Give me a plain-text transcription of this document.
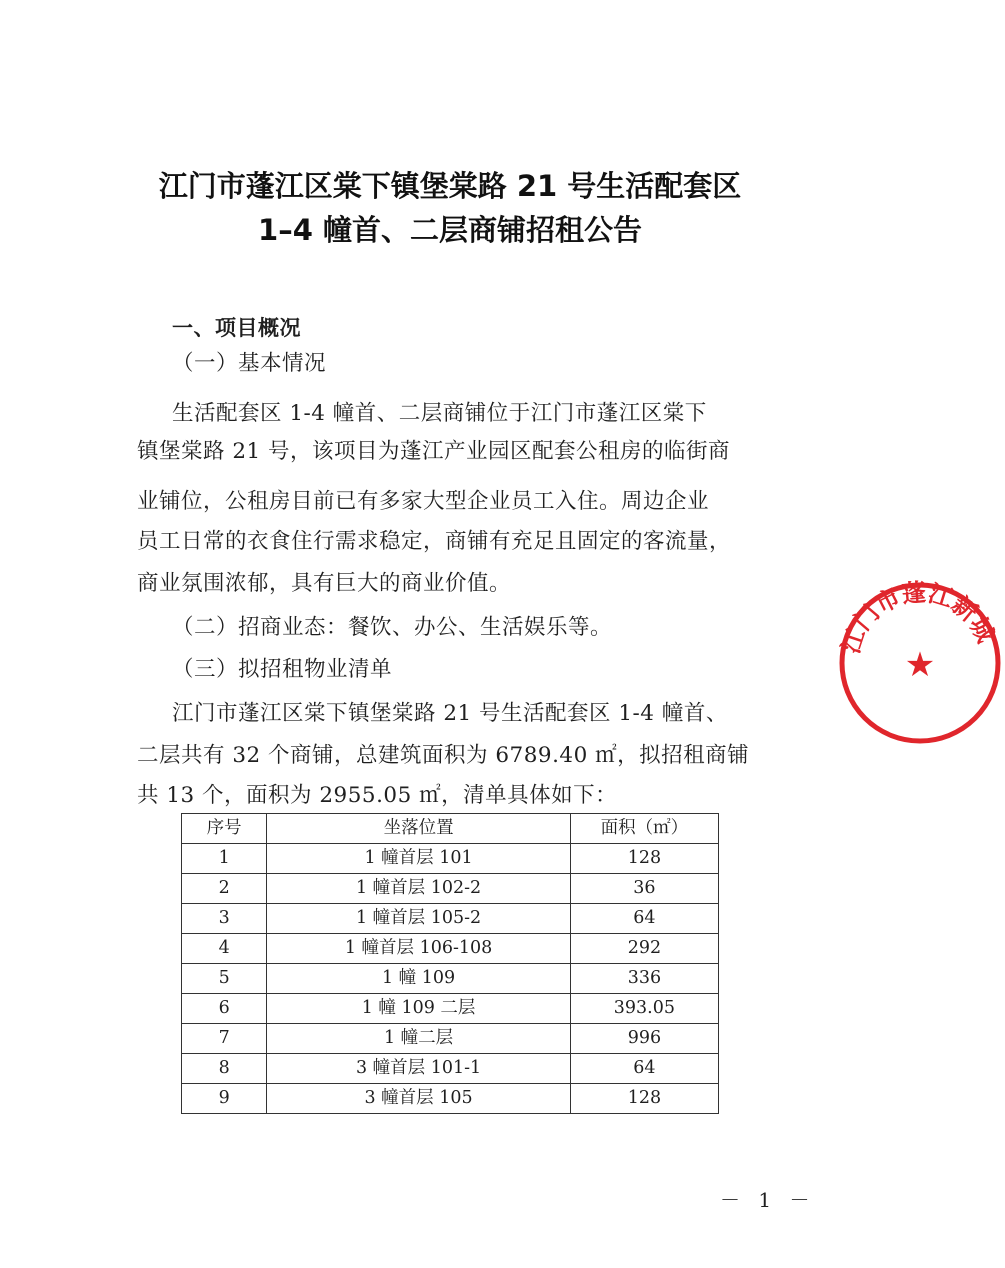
江门市蓬江区棠下镇堡棠路 21 号生活配套区
1–4 幢首、二层商铺招租公告
一、项目概况
（一）基本情况
生活配套区 1-4 幢首、二层商铺位于江门市蓬江区棠下
镇堡棠路 21 号，该项目为蓬江产业园区配套公租房的临街商
业铺位，公租房目前已有多家大型企业员工入住。周边企业
员工日常的衣食住行需求稳定，商铺有充足且固定的客流量，
商业氛围浓郁，具有巨大的商业价值。
（二）招商业态：餐饮、办公、生活娱乐等。
（三）拟招租物业清单
江门市蓬江区棠下镇堡棠路 21 号生活配套区 1-4 幢首、
二层共有 32 个商铺，总建筑面积为 6789.40 ㎡，拟招租商铺
共 13 个，面积为 2955.05 ㎡，清单具体如下：
序号	坐落位置	面积（㎡）
1	1 幢首层 101	128
2	1 幢首层 102-2	36
3	1 幢首层 105-2	64
4	1 幢首层 106-108	292
5	1 幢 109	336
6	1 幢 109 二层	393.05
7	1 幢二层	996
8	3 幢首层 101-1	64
9	3 幢首层 105	128
－ 1 －
江门市蓬江新城
★
